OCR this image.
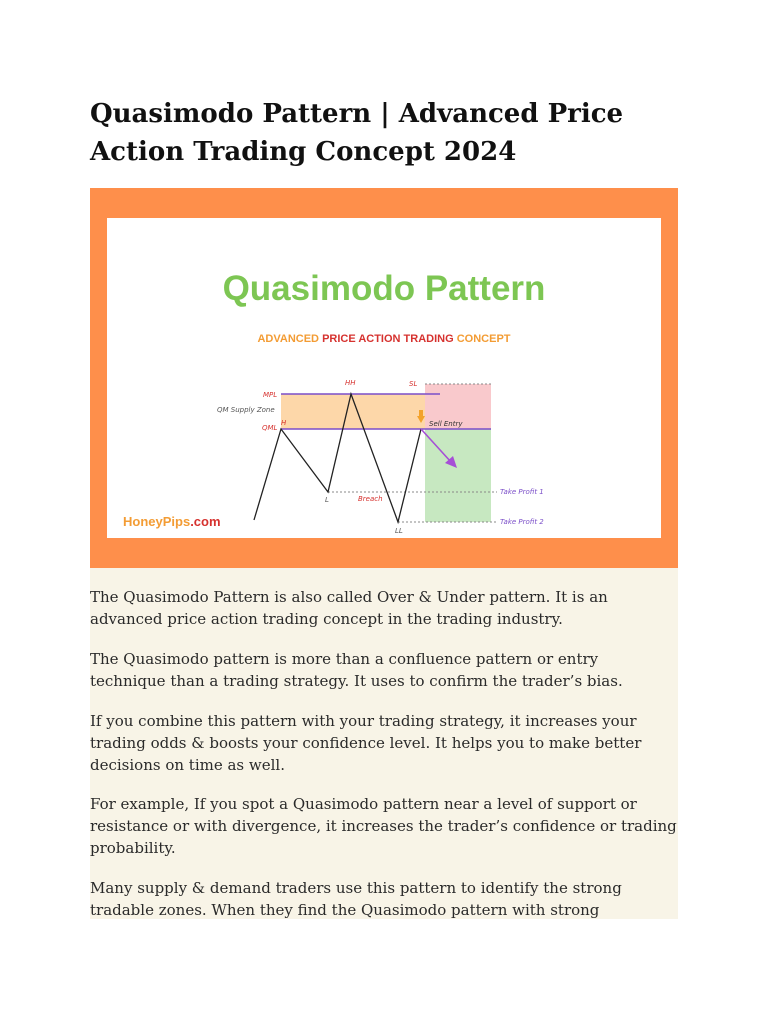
Quasimodo Pattern | Advanced Price Action Trading Concept 2024
Quasimodo Pattern
ADVANCED PRICE ACTION TRADING CONCEPT
MPL
QM Supply Zone
QML
H
HH
L
LL
Breach
SL
Sell Entry
Take Profit 1
Take Profit 2
HoneyPips.com

The Quasimodo Pattern is also called Over & Under pattern. It is an advanced price action trading concept in the trading industry.

The Quasimodo pattern is more than a confluence pattern or entry technique than a trading strategy. It uses to confirm the trader’s bias.

If you combine this pattern with your trading strategy, it increases your trading odds & boosts your confidence level. It helps you to make better decisions on time as well.

For example, If you spot a Quasimodo pattern near a level of support or resistance or with divergence, it increases the trader’s confidence or trading probability.

Many supply & demand traders use this pattern to identify the strong tradable zones. When they find the Quasimodo pattern with strong
